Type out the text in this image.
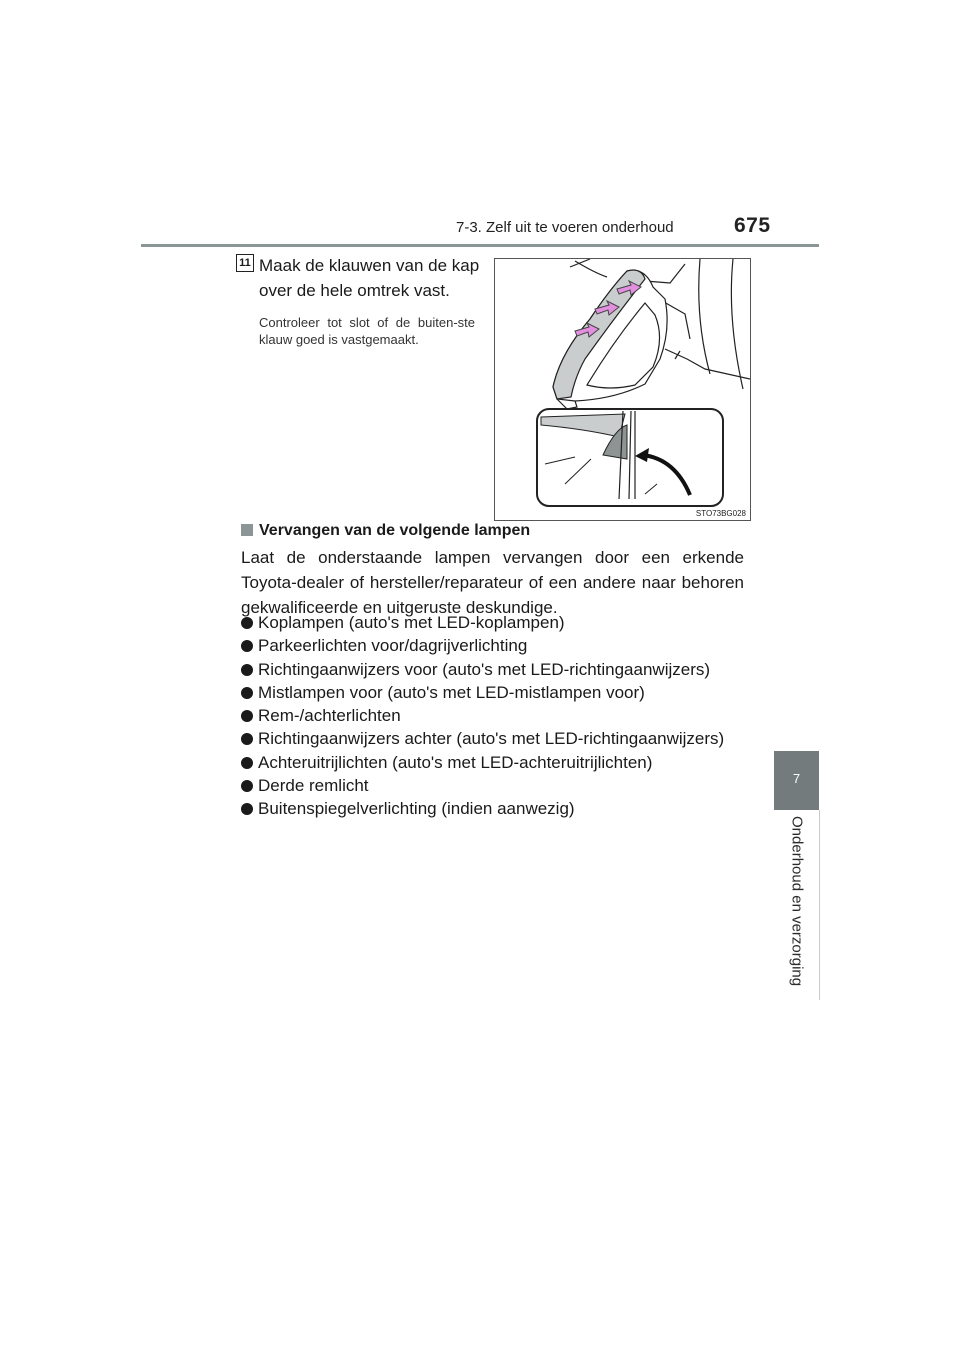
7-3. Zelf uit te voeren onderhoud	675
7
Onderhoud en verzorging
11 Maak de klauwen van de kap over de hele omtrek vast.
Controleer tot slot of de buiten-ste klauw goed is vastgemaakt.
STO73BG028
Vervangen van de volgende lampen
Laat de onderstaande lampen vervangen door een erkende Toyota-dealer of hersteller/reparateur of een andere naar behoren gekwalificeerde en uitgeruste deskundige.
Koplampen (auto's met LED-koplampen)
Parkeerlichten voor/dagrijverlichting
Richtingaanwijzers voor (auto's met LED-richtingaanwijzers)
Mistlampen voor (auto's met LED-mistlampen voor)
Rem-/achterlichten
Richtingaanwijzers achter (auto's met LED-richtingaanwijzers)
Achteruitrijlichten (auto's met LED-achteruitrijlichten)
Derde remlicht
Buitenspiegelverlichting (indien aanwezig)
